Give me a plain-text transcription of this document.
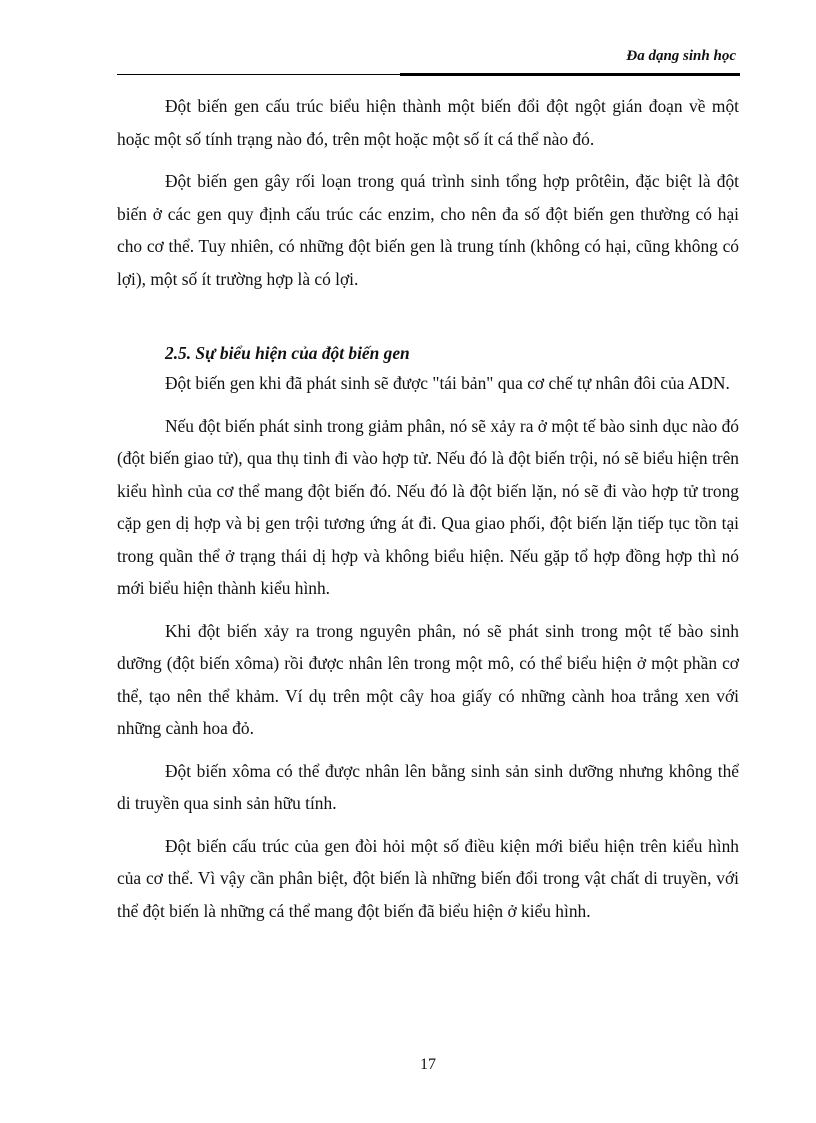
Đa dạng sinh học

Đột biến gen cấu trúc biểu hiện thành một biến đổi đột ngột gián đoạn về một hoặc một số tính trạng nào đó, trên một hoặc một số ít cá thể nào đó.

Đột biến gen gây rối loạn trong quá trình sinh tổng hợp prôtêin, đặc biệt là đột biến ở các gen quy định cấu trúc các enzim, cho nên đa số đột biến gen thường có hại cho cơ thể. Tuy nhiên, có những đột biến gen là trung tính (không có hại, cũng không có lợi), một số ít trường hợp là có lợi.

2.5. Sự biểu hiện của đột biến gen

Đột biến gen khi đã phát sinh sẽ được "tái bản" qua cơ chế tự nhân đôi của ADN.

Nếu đột biến phát sinh trong giảm phân, nó sẽ xảy ra ở một tế bào sinh dục nào đó (đột biến giao tử), qua thụ tinh đi vào hợp tử. Nếu đó là đột biến trội, nó sẽ biểu hiện trên kiểu hình của cơ thể mang đột biến đó. Nếu đó là đột biến lặn, nó sẽ đi vào hợp tử trong cặp gen dị hợp và bị gen trội tương ứng át đi. Qua giao phối, đột biến lặn tiếp tục tồn tại trong quần thể ở trạng thái dị hợp và không biểu hiện. Nếu gặp tổ hợp đồng hợp thì nó mới biểu hiện thành kiểu hình.

Khi đột biến xảy ra trong nguyên phân, nó sẽ phát sinh trong một tế bào sinh dưỡng (đột biến xôma) rồi được nhân lên trong một mô, có thể biểu hiện ở một phần cơ thể, tạo nên thể khảm. Ví dụ trên một cây hoa giấy có những cành hoa trắng xen với những cành hoa đỏ.

Đột biến xôma có thể được nhân lên bằng sinh sản sinh dưỡng nhưng không thể di truyền qua sinh sản hữu tính.

Đột biến cấu trúc của gen đòi hỏi một số điều kiện mới biểu hiện trên kiểu hình của cơ thể. Vì vậy cần phân biệt, đột biến là những biến đổi trong vật chất di truyền, với thể đột biến là những cá thể mang đột biến đã biểu hiện ở kiểu hình.

17
